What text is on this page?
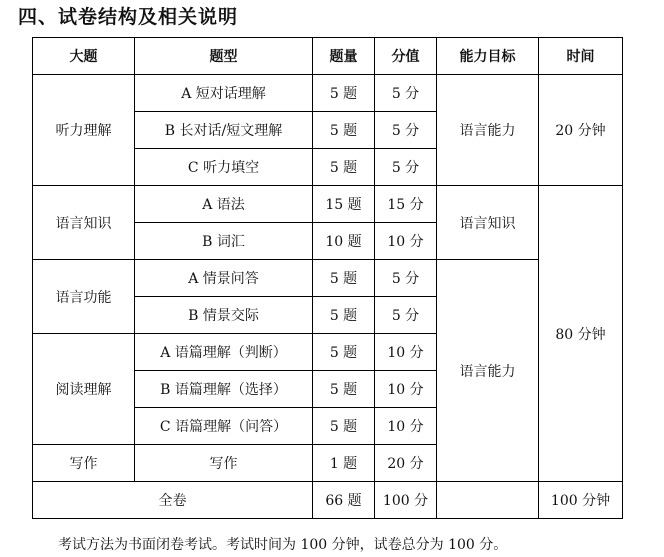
四、试卷结构及相关说明
大题	题型	题量	分值	能力目标	时间
听力理解	A 短对话理解	5 题	5 分	语言能力	20 分钟
	B 长对话/短文理解	5 题	5 分		
	C 听力填空	5 题	5 分		
语言知识	A 语法	15 题	15 分	语言知识	80 分钟
	B 词汇	10 题	10 分		
语言功能	A 情景问答	5 题	5 分	语言能力	
	B 情景交际	5 题	5 分		
阅读理解	A 语篇理解（判断）	5 题	10 分		
	B 语篇理解（选择）	5 题	10 分		
	C 语篇理解（问答）	5 题	10 分		
写作	写作	1 题	20 分		
全卷		66 题	100 分		100 分钟
考试方法为书面闭卷考试。考试时间为 100 分钟，试卷总分为 100 分。
